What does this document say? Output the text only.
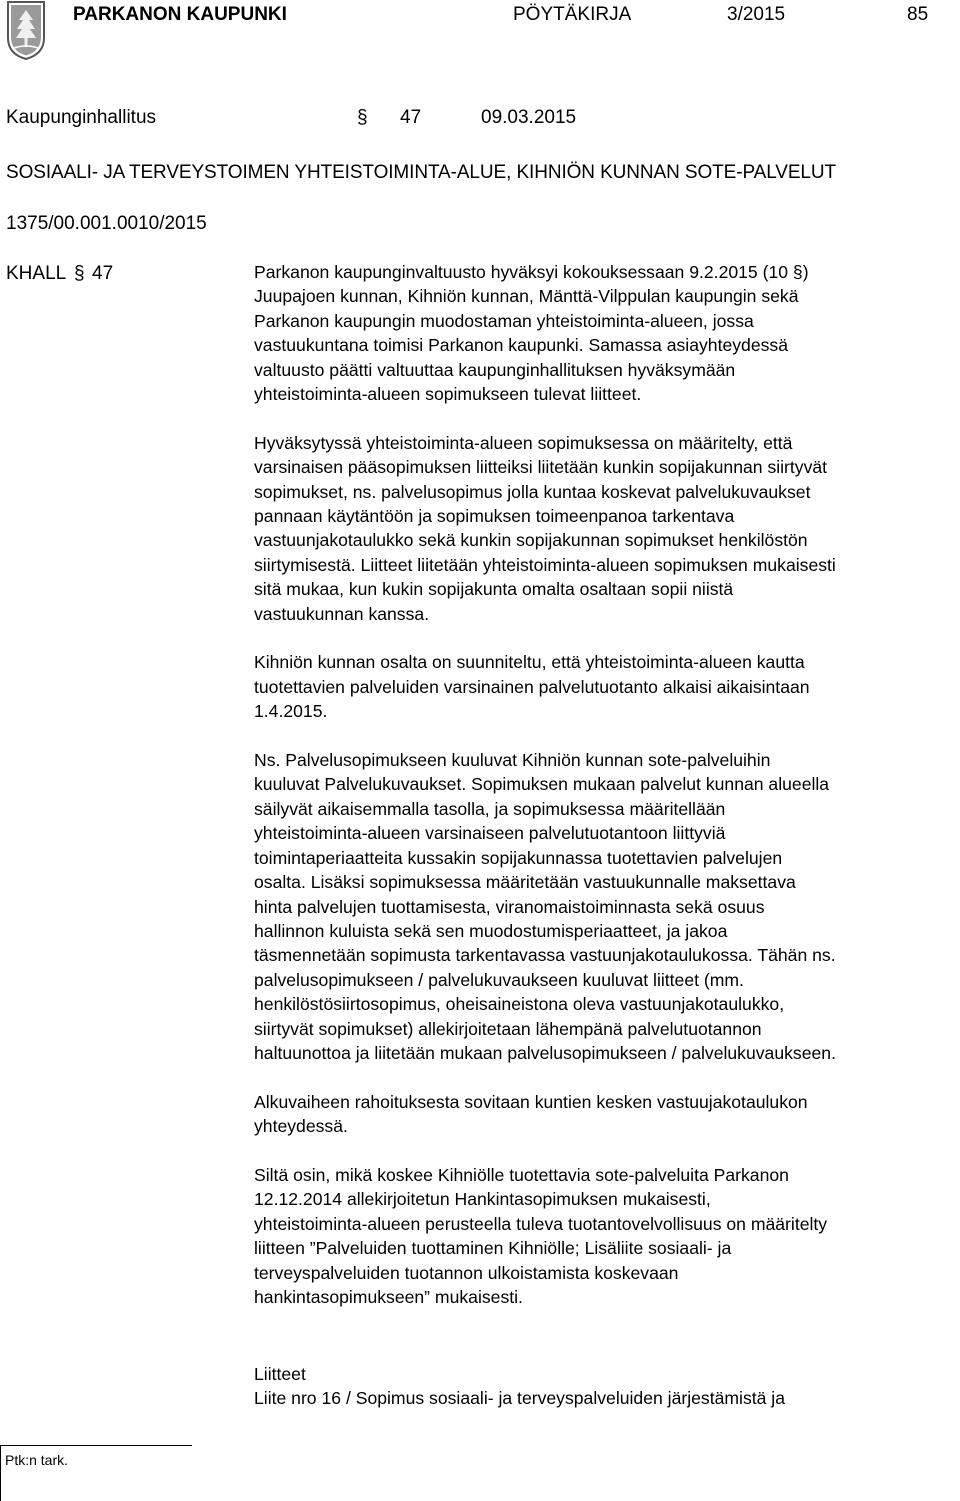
PARKANON KAUPUNKI	PÖYTÄKIRJA	3/2015	85
Kaupunginhallitus	§ 47	09.03.2015
SOSIAALI- JA TERVEYSTOIMEN YHTEISTOIMINTA-ALUE, KIHNIÖN KUNNAN SOTE-PALVELUT
1375/00.001.0010/2015
KHALL § 47	Parkanon kaupunginvaltuusto hyväksyi kokouksessaan 9.2.2015 (10 §)
Juupajoen kunnan, Kihniön kunnan, Mänttä-Vilppulan kaupungin sekä
Parkanon kaupungin muodostaman yhteistoiminta-alueen, jossa
vastuukuntana toimisi Parkanon kaupunki. Samassa asiayhteydessä
valtuusto päätti valtuuttaa kaupunginhallituksen hyväksymään
yhteistoiminta-alueen sopimukseen tulevat liitteet.

Hyväksytyssä yhteistoiminta-alueen sopimuksessa on määritelty, että
varsinaisen pääsopimuksen liitteiksi liitetään kunkin sopijakunnan siirtyvät
sopimukset, ns. palvelusopimus jolla kuntaa koskevat palvelukuvaukset
pannaan käytäntöön ja sopimuksen toimeenpanoa tarkentava
vastuunjakotaulukko sekä kunkin sopijakunnan sopimukset henkilöstön
siirtymisestä. Liitteet liitetään yhteistoiminta-alueen sopimuksen mukaisesti
sitä mukaa, kun kukin sopijakunta omalta osaltaan sopii niistä
vastuukunnan kanssa.

Kihniön kunnan osalta on suunniteltu, että yhteistoiminta-alueen kautta
tuotettavien palveluiden varsinainen palvelutuotanto alkaisi aikaisintaan
1.4.2015.

Ns. Palvelusopimukseen kuuluvat Kihniön kunnan sote-palveluihin
kuuluvat Palvelukuvaukset. Sopimuksen mukaan palvelut kunnan alueella
säilyvät aikaisemmalla tasolla, ja sopimuksessa määritellään
yhteistoiminta-alueen varsinaiseen palvelutuotantoon liittyviä
toimintaperiaatteita kussakin sopijakunnassa tuotettavien palvelujen
osalta. Lisäksi sopimuksessa määritetään vastuukunnalle maksettava
hinta palvelujen tuottamisesta, viranomaistoiminnasta sekä osuus
hallinnon kuluista sekä sen muodostumisperiaatteet, ja jakoa
täsmennetään sopimusta tarkentavassa vastuunjakotaulukossa. Tähän ns.
palvelusopimukseen / palvelukuvaukseen kuuluvat liitteet (mm.
henkilöstösiirtosopimus, oheisaineistona oleva vastuunjakotaulukko,
siirtyvät sopimukset) allekirjoitetaan lähempänä palvelutuotannon
haltuunottoa ja liitetään mukaan palvelusopimukseen / palvelukuvaukseen.

Alkuvaiheen rahoituksesta sovitaan kuntien kesken vastuujakotaulukon
yhteydessä.

Siltä osin, mikä koskee Kihniölle tuotettavia sote-palveluita Parkanon
12.12.2014 allekirjoitetun Hankintasopimuksen mukaisesti,
yhteistoiminta-alueen perusteella tuleva tuotantovelvollisuus on määritelty
liitteen ”Palveluiden tuottaminen Kihniölle; Lisäliite sosiaali- ja
terveyspalveluiden tuotannon ulkoistamista koskevaan
hankintasopimukseen” mukaisesti.

Liitteet
Liite nro 16 / Sopimus sosiaali- ja terveyspalveluiden järjestämistä ja
Ptk:n tark.
